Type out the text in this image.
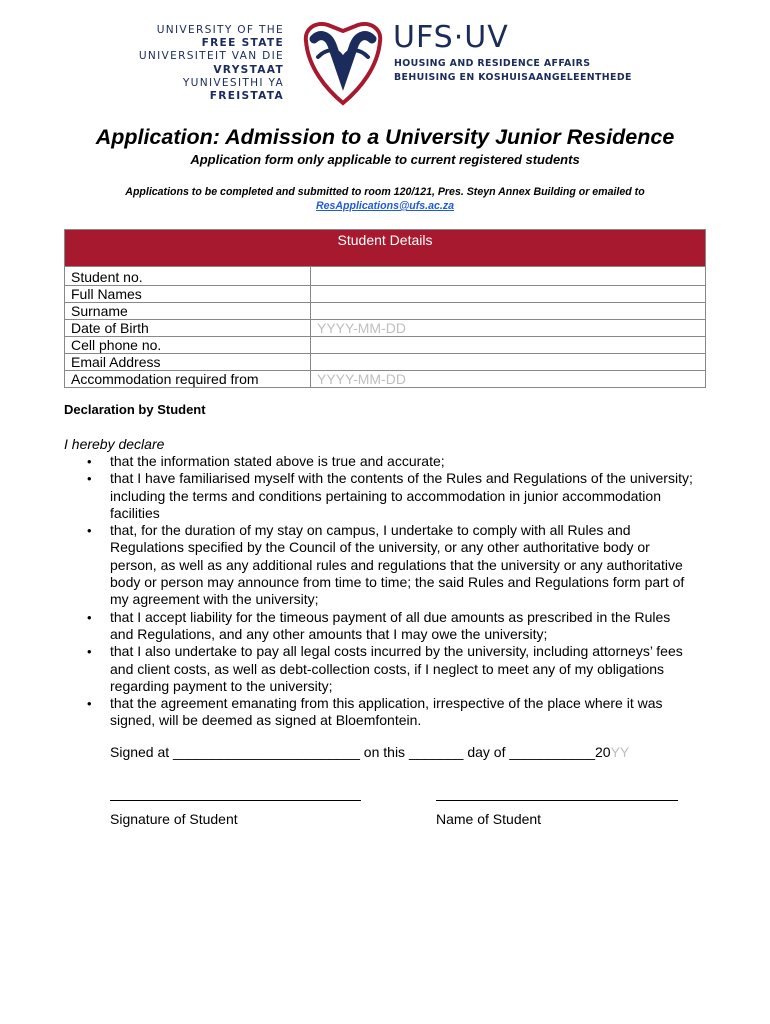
UNIVERSITY OF THE
FREE STATE
UNIVERSITEIT VAN DIE
VRYSTAAT
YUNIVESITHI YA
FREISTATA
UFS·UV
HOUSING AND RESIDENCE AFFAIRS
BEHUISING EN KOSHUISAANGELEENTHEDE
Application: Admission to a University Junior Residence
Application form only applicable to current registered students
Applications to be completed and submitted to room 120/121, Pres. Steyn Annex Building or emailed to
ResApplications@ufs.ac.za
Student Details	
Student no.	
Full Names	
Surname	
Date of Birth	YYYY-MM-DD
Cell phone no.	
Email Address	
Accommodation required from	YYYY-MM-DD
Declaration by Student
I hereby declare
• that the information stated above is true and accurate;
• that I have familiarised myself with the contents of the Rules and Regulations of the university; including the terms and conditions pertaining to accommodation in junior accommodation facilities
• that, for the duration of my stay on campus, I undertake to comply with all Rules and Regulations specified by the Council of the university, or any other authoritative body or person, as well as any additional rules and regulations that the university or any authoritative body or person may announce from time to time; the said Rules and Regulations form part of my agreement with the university;
• that I accept liability for the timeous payment of all due amounts as prescribed in the Rules and Regulations, and any other amounts that I may owe the university;
• that I also undertake to pay all legal costs incurred by the university, including attorneys’ fees and client costs, as well as debt-collection costs, if I neglect to meet any of my obligations regarding payment to the university;
• that the agreement emanating from this application, irrespective of the place where it was signed, will be deemed as signed at Bloemfontein.
Signed at ________________________ on this _______ day of ___________20YY
Signature of Student	Name of Student
